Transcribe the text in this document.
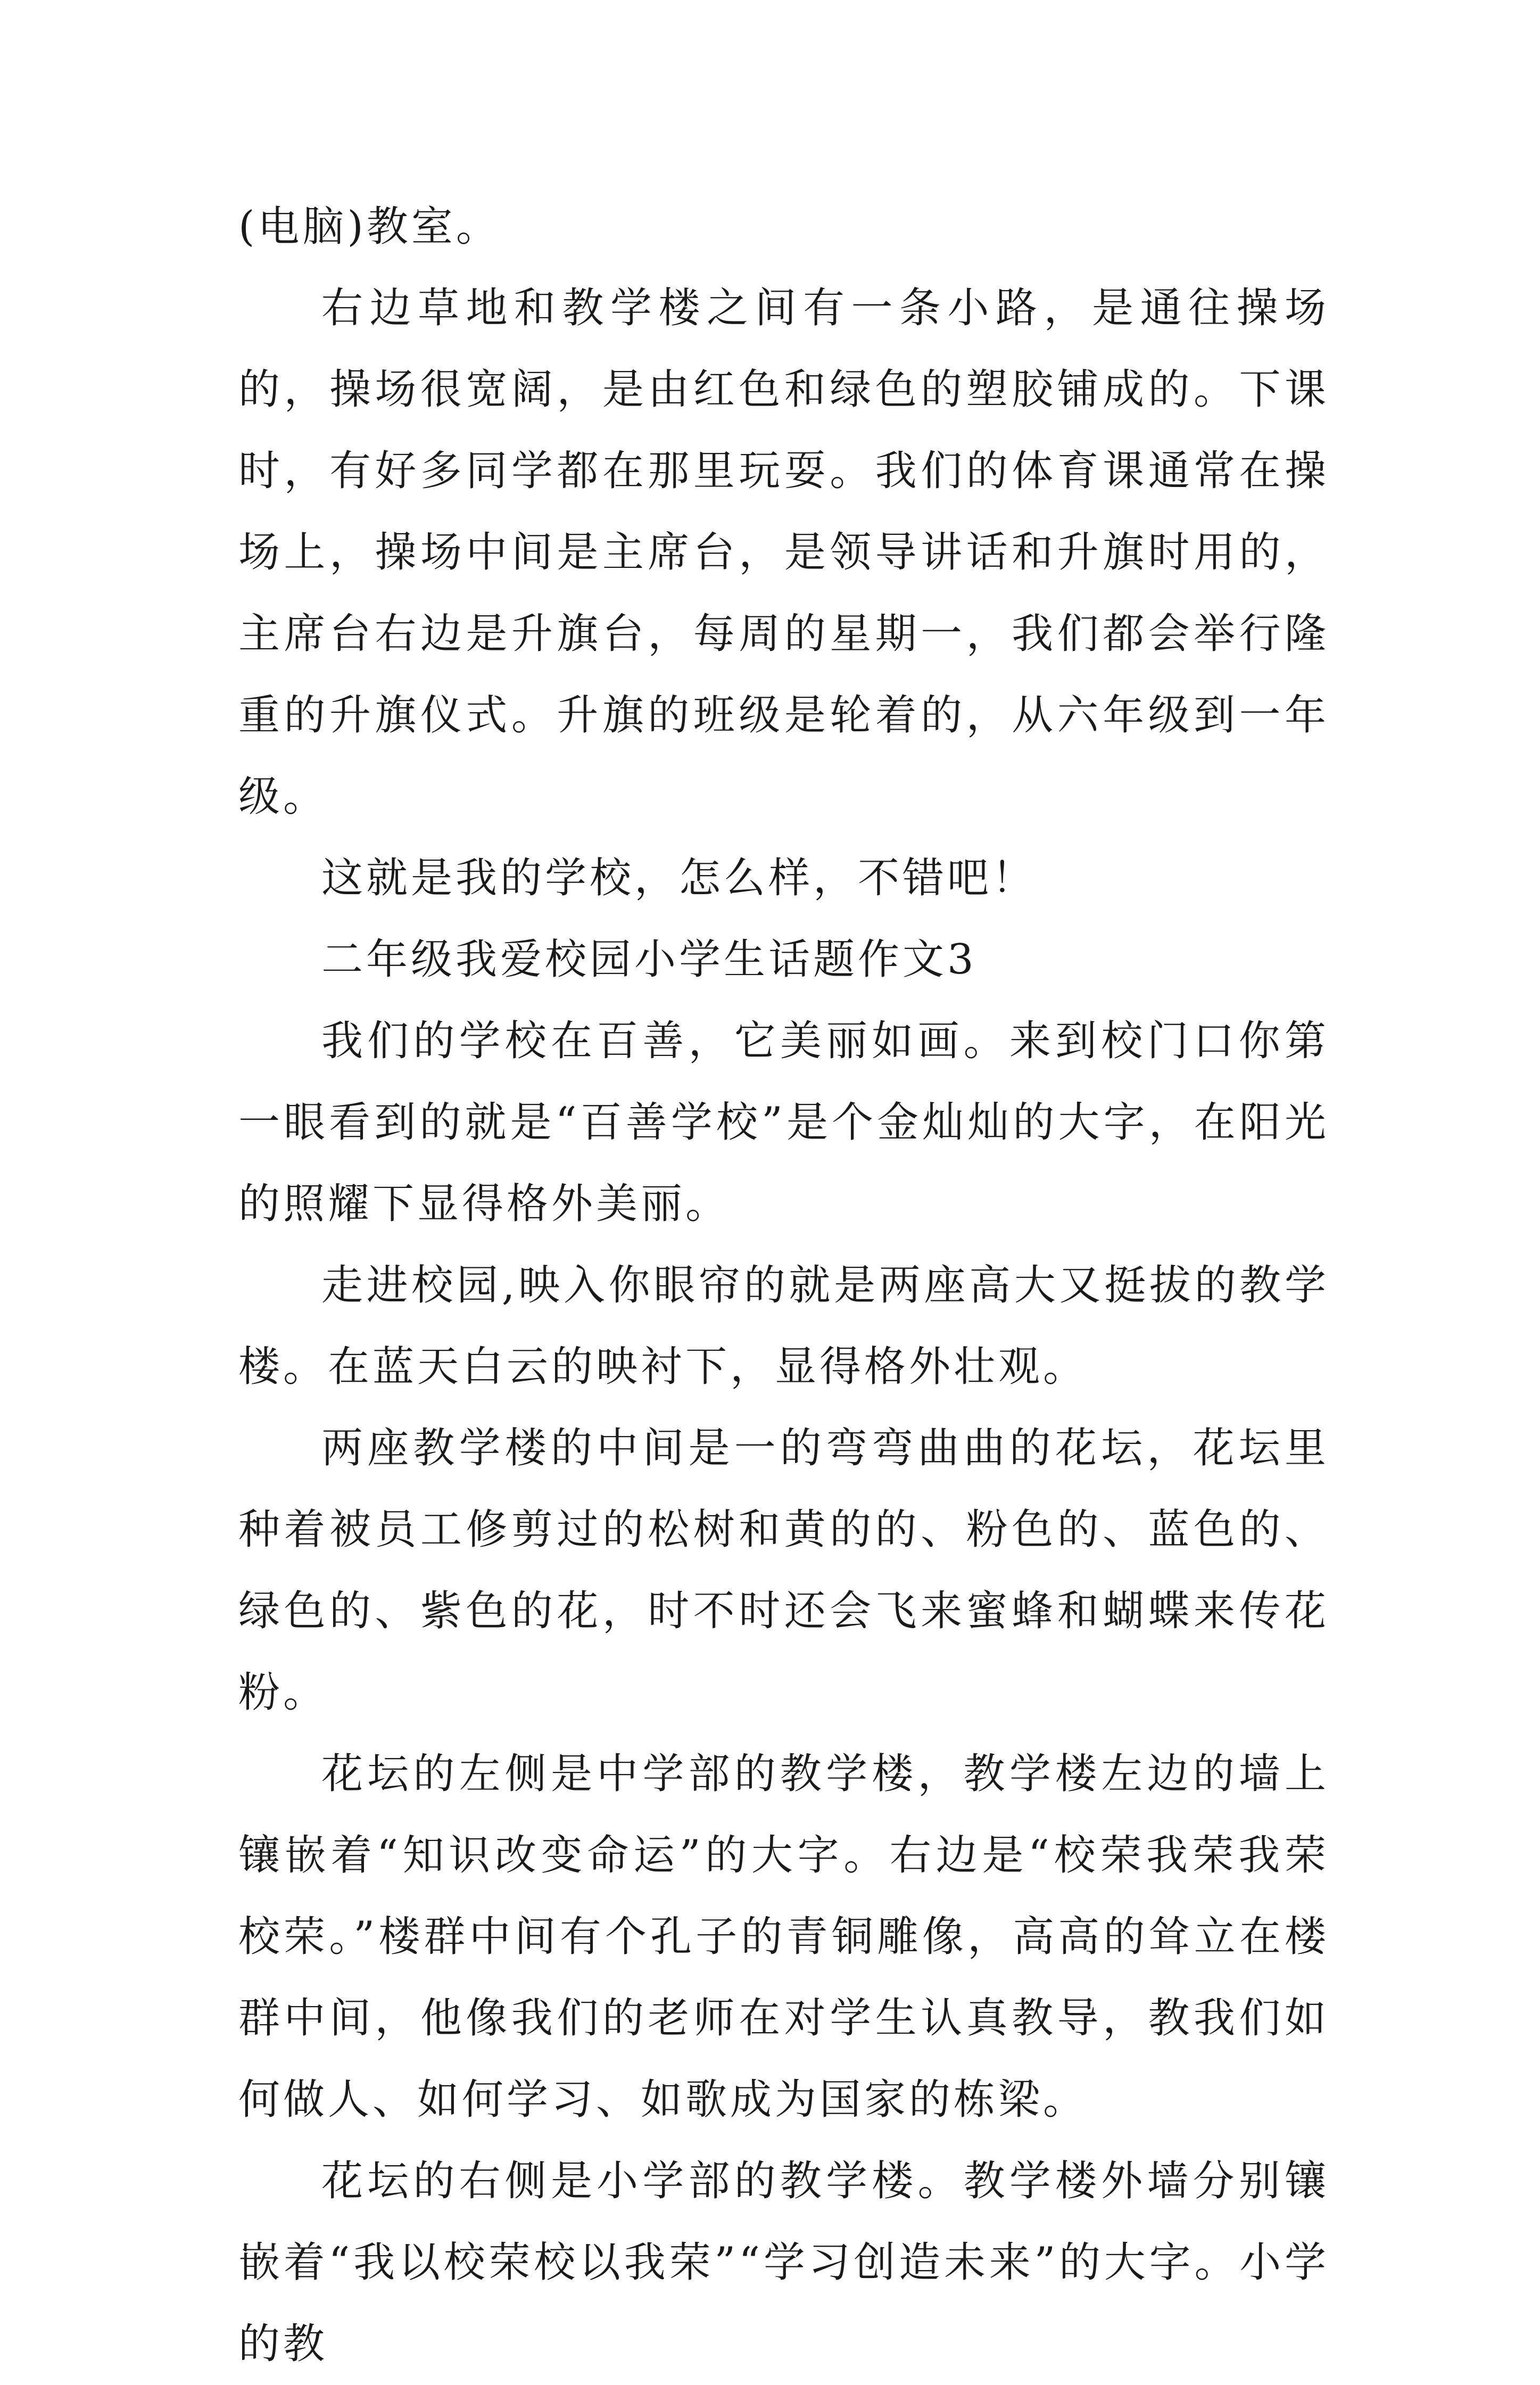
(电脑)教室。

右边草地和教学楼之间有一条小路，是通往操场的，操场很宽阔，是由红色和绿色的塑胶铺成的。下课时，有好多同学都在那里玩耍。我们的体育课通常在操场上，操场中间是主席台，是领导讲话和升旗时用的，主席台右边是升旗台，每周的星期一，我们都会举行隆重的升旗仪式。升旗的班级是轮着的，从六年级到一年级。

这就是我的学校，怎么样，不错吧！

二年级我爱校园小学生话题作文3

我们的学校在百善，它美丽如画。来到校门口你第一眼看到的就是“百善学校”是个金灿灿的大字，在阳光的照耀下显得格外美丽。

走进校园,映入你眼帘的就是两座高大又挺拔的教学楼。在蓝天白云的映衬下，显得格外壮观。

两座教学楼的中间是一的弯弯曲曲的花坛，花坛里种着被员工修剪过的松树和黄的的、粉色的、蓝色的、绿色的、紫色的花，时不时还会飞来蜜蜂和蝴蝶来传花粉。

花坛的左侧是中学部的教学楼，教学楼左边的墙上镶嵌着“知识改变命运”的大字。右边是“校荣我荣我荣校荣。”楼群中间有个孔子的青铜雕像，高高的耸立在楼群中间，他像我们的老师在对学生认真教导，教我们如何做人、如何学习、如歌成为国家的栋梁。

花坛的右侧是小学部的教学楼。教学楼外墙分别镶嵌着“我以校荣校以我荣”“学习创造未来”的大字。小学的教
